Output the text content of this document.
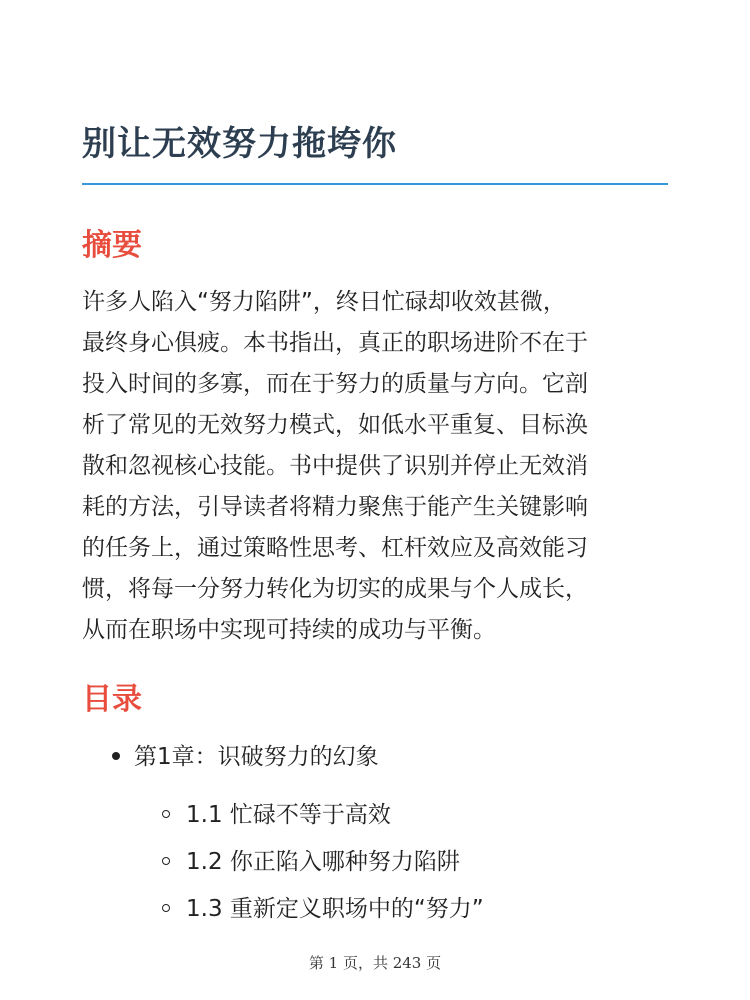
别让无效努力拖垮你
摘要

许多人陷入“努力陷阱”，终日忙碌却收效甚微，
最终身心俱疲。本书指出，真正的职场进阶不在于
投入时间的多寡，而在于努力的质量与方向。它剖
析了常见的无效努力模式，如低水平重复、目标涣
散和忽视核心技能。书中提供了识别并停止无效消
耗的方法，引导读者将精力聚焦于能产生关键影响
的任务上，通过策略性思考、杠杆效应及高效能习
惯，将每一分努力转化为切实的成果与个人成长，
从而在职场中实现可持续的成功与平衡。

目录
第1章：识破努力的幻象
1.1 忙碌不等于高效
1.2 你正陷入哪种努力陷阱
1.3 重新定义职场中的“努力”
第 1 页，共 243 页
